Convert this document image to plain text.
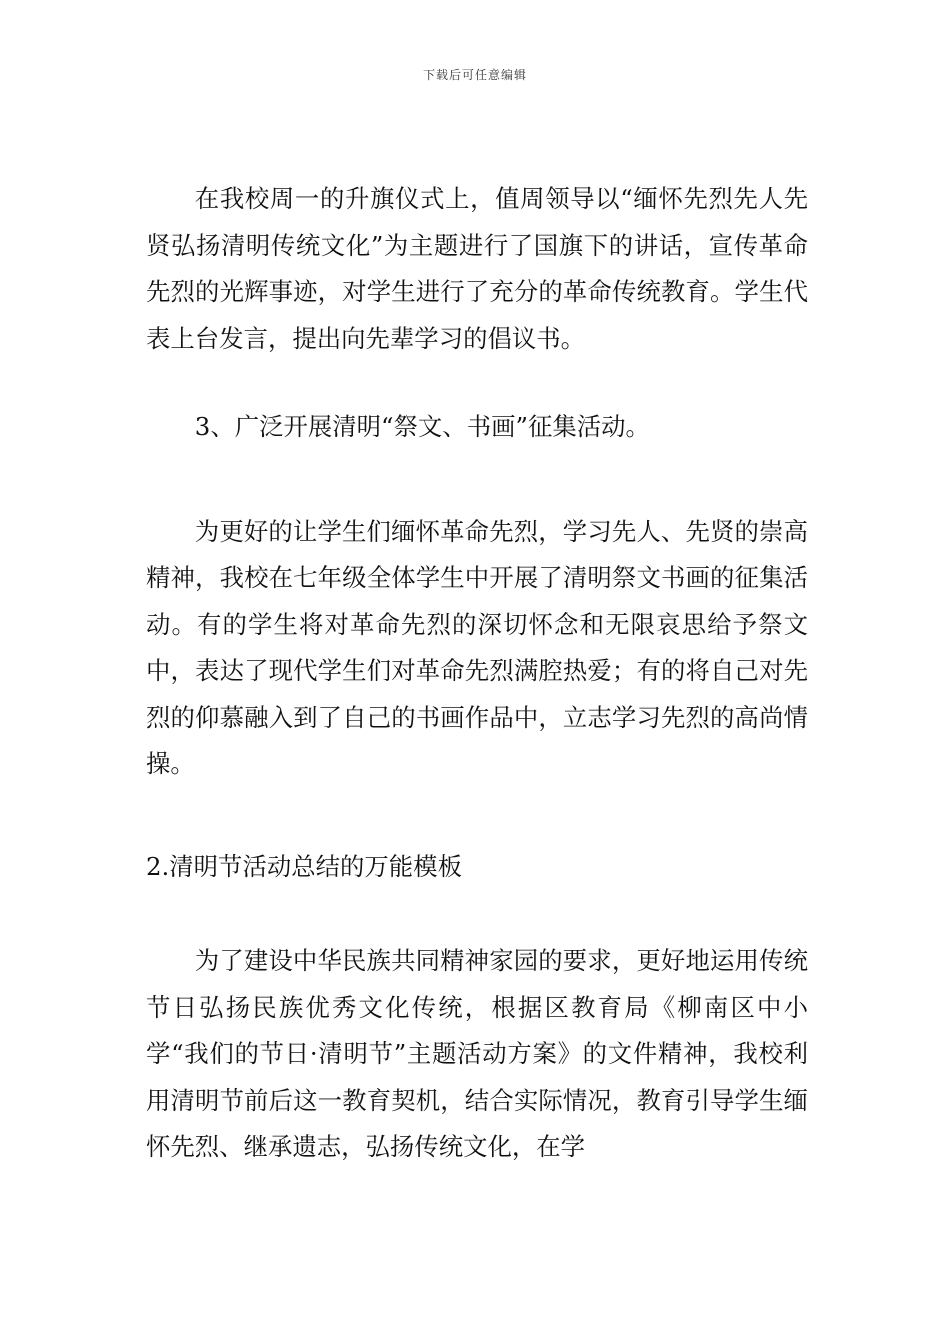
下载后可任意编辑

在我校周一的升旗仪式上，值周领导以“缅怀先烈先人先贤弘扬清明传统文化”为主题进行了国旗下的讲话，宣传革命先烈的光辉事迹，对学生进行了充分的革命传统教育。学生代表上台发言，提出向先辈学习的倡议书。

3、广泛开展清明“祭文、书画”征集活动。

为更好的让学生们缅怀革命先烈，学习先人、先贤的崇高精神，我校在七年级全体学生中开展了清明祭文书画的征集活动。有的学生将对革命先烈的深切怀念和无限哀思给予祭文中，表达了现代学生们对革命先烈满腔热爱；有的将自己对先烈的仰慕融入到了自己的书画作品中，立志学习先烈的高尚情操。

2.清明节活动总结的万能模板

为了建设中华民族共同精神家园的要求，更好地运用传统节日弘扬民族优秀文化传统，根据区教育局《柳南区中小学“我们的节日·清明节”主题活动方案》的文件精神，我校利用清明节前后这一教育契机，结合实际情况，教育引导学生缅怀先烈、继承遗志，弘扬传统文化，在学
